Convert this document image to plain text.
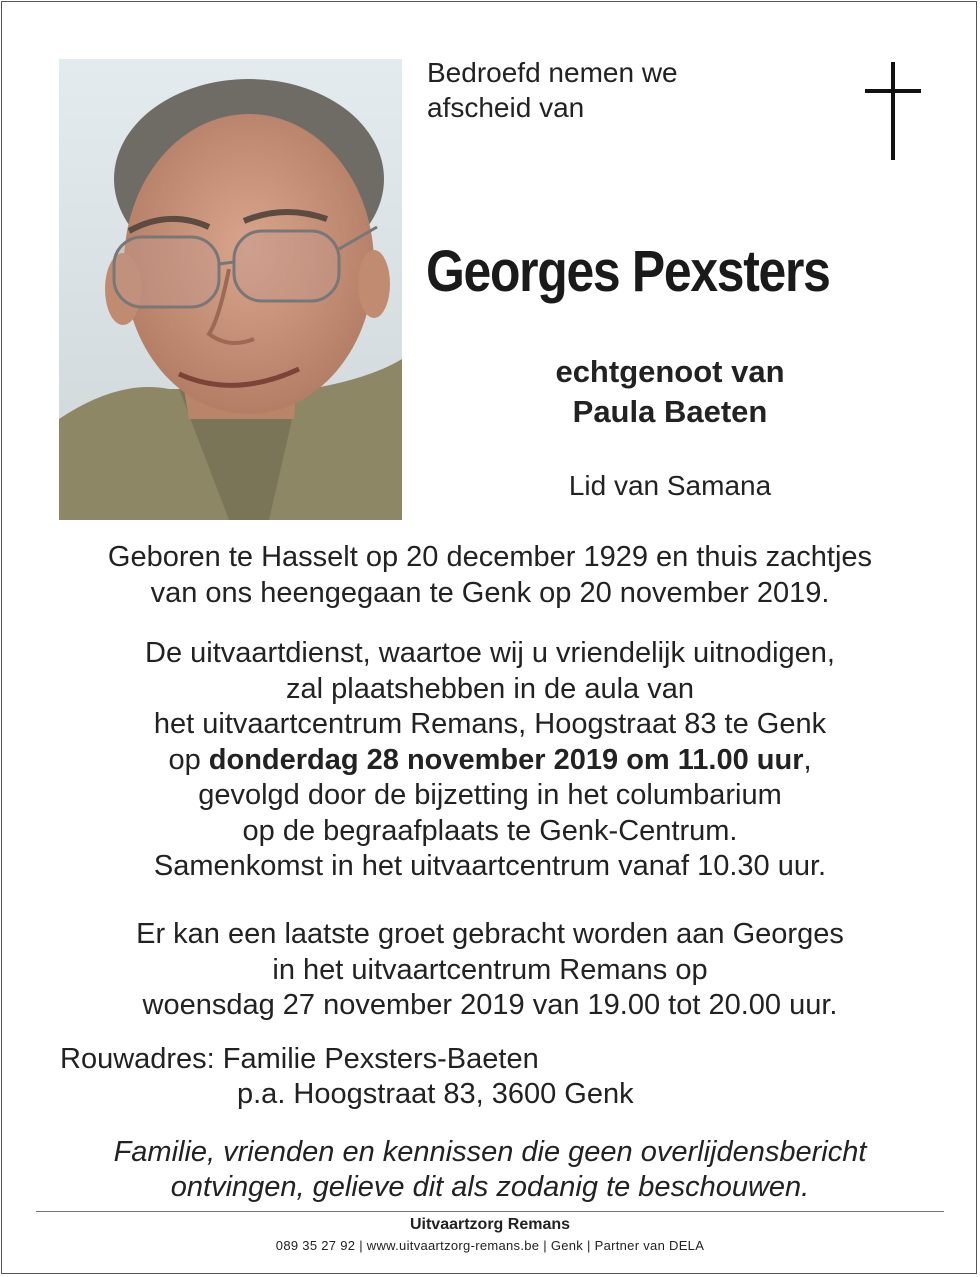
Bedroefd nemen we
afscheid van
Georges Pexsters
echtgenoot van
Paula Baeten
Lid van Samana
Geboren te Hasselt op 20 december 1929 en thuis zachtjes
van ons heengegaan te Genk op 20 november 2019.
De uitvaartdienst, waartoe wij u vriendelijk uitnodigen,
zal plaatshebben in de aula van
het uitvaartcentrum Remans, Hoogstraat 83 te Genk
op donderdag 28 november 2019 om 11.00 uur,
gevolgd door de bijzetting in het columbarium
op de begraafplaats te Genk-Centrum.
Samenkomst in het uitvaartcentrum vanaf 10.30 uur.
Er kan een laatste groet gebracht worden aan Georges
in het uitvaartcentrum Remans op
woensdag 27 november 2019 van 19.00 tot 20.00 uur.
Rouwadres: Familie Pexsters-Baeten
p.a. Hoogstraat 83, 3600 Genk
Familie, vrienden en kennissen die geen overlijdensbericht
ontvingen, gelieve dit als zodanig te beschouwen.
Uitvaartzorg Remans
089 35 27 92 | www.uitvaartzorg-remans.be | Genk | Partner van DELA
